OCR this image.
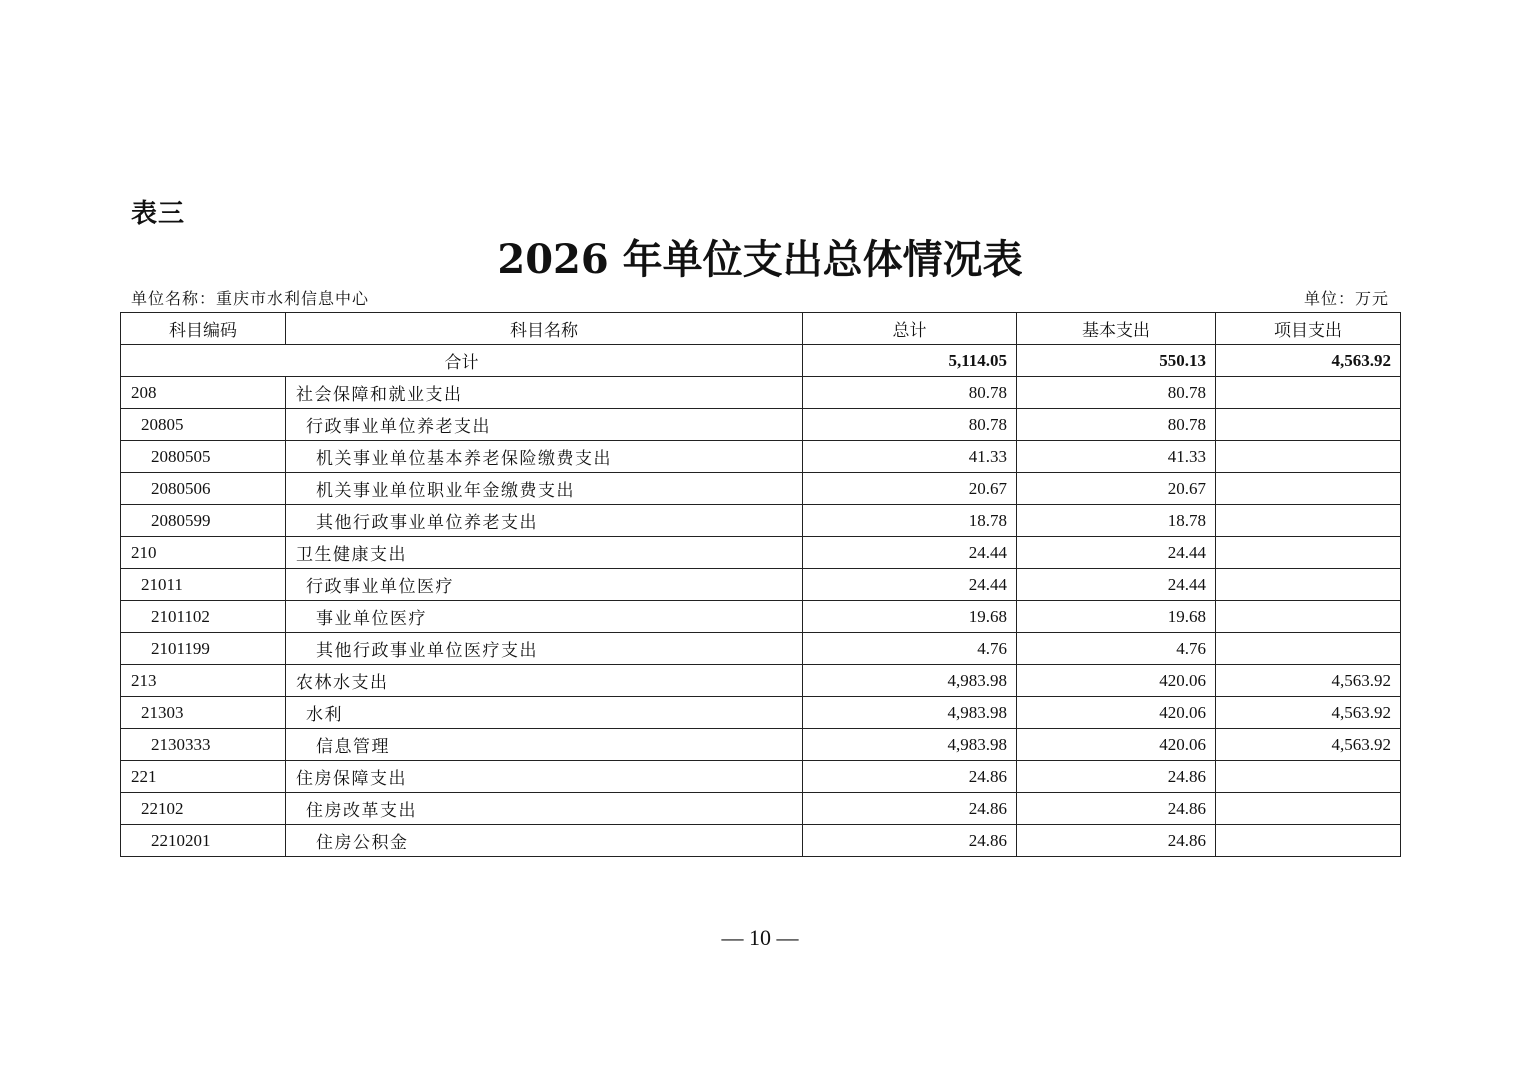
表三
2026 年单位支出总体情况表
单位名称：重庆市水利信息中心	单位：万元
科目编码	科目名称	总计	基本支出	项目支出
合计		5,114.05	550.13	4,563.92
208	社会保障和就业支出	80.78	80.78	
20805	行政事业单位养老支出	80.78	80.78	
2080505	机关事业单位基本养老保险缴费支出	41.33	41.33	
2080506	机关事业单位职业年金缴费支出	20.67	20.67	
2080599	其他行政事业单位养老支出	18.78	18.78	
210	卫生健康支出	24.44	24.44	
21011	行政事业单位医疗	24.44	24.44	
2101102	事业单位医疗	19.68	19.68	
2101199	其他行政事业单位医疗支出	4.76	4.76	
213	农林水支出	4,983.98	420.06	4,563.92
21303	水利	4,983.98	420.06	4,563.92
2130333	信息管理	4,983.98	420.06	4,563.92
221	住房保障支出	24.86	24.86	
22102	住房改革支出	24.86	24.86	
2210201	住房公积金	24.86	24.86	
— 10 —
